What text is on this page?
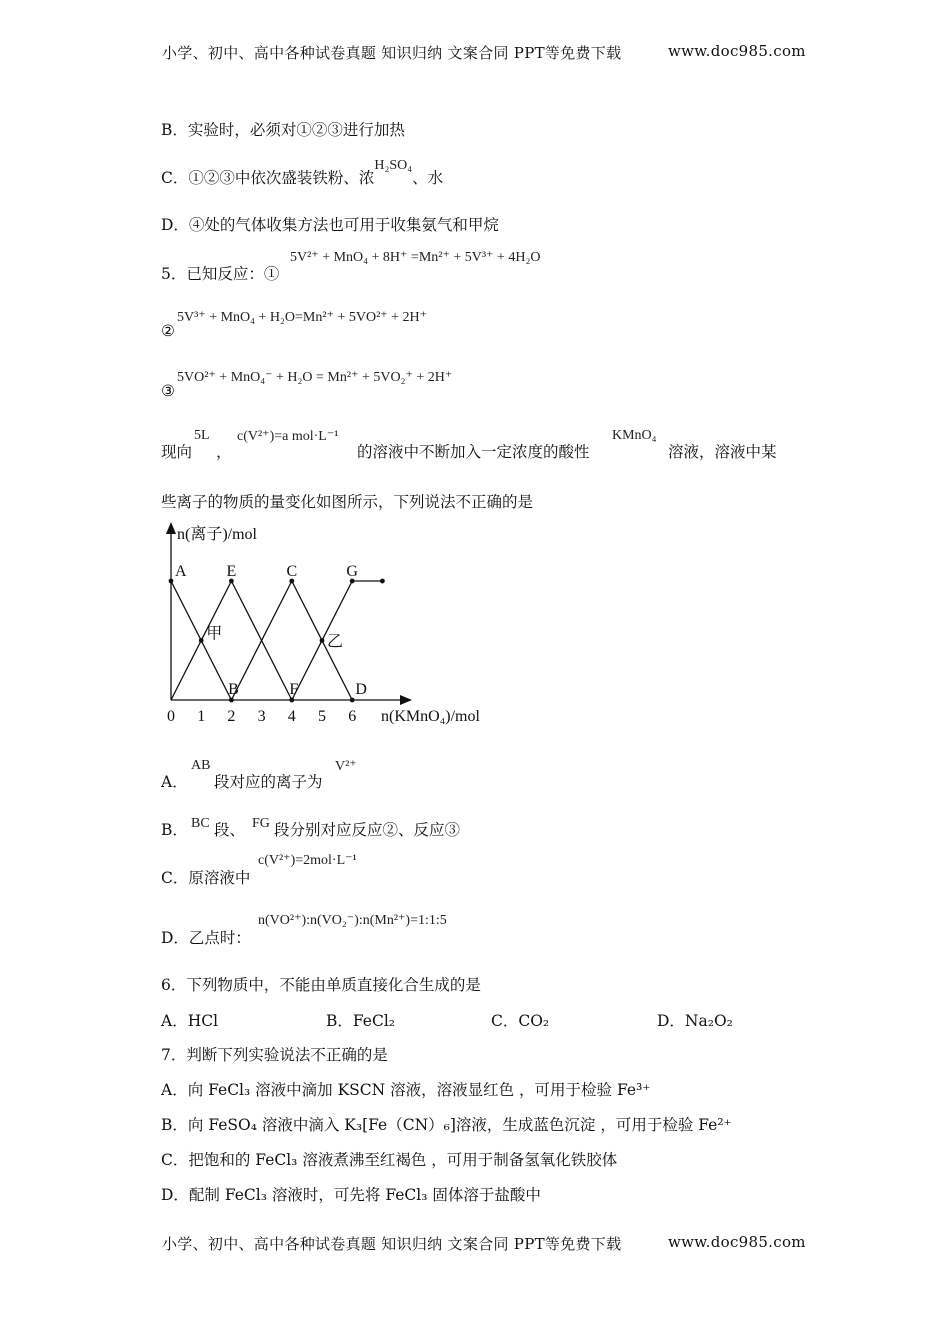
小学、初中、高中各种试卷真题 知识归纳 文案合同 PPT等免费下载	www.doc985.com
B．实验时，必须对①②③进行加热
C．①②③中依次盛装铁粉、浓H₂SO₄、水
D．④处的气体收集方法也可用于收集氨气和甲烷
5．已知反应：①
5V²⁺ + MnO₄ + 8H⁺ =Mn²⁺ + 5V³⁺ + 4H₂O
②
5V³⁺ + MnO₄ + H₂O=Mn²⁺ + 5VO²⁺ + 2H⁺
③
5VO²⁺ + MnO₄⁻ + H₂O = Mn²⁺ + 5VO₂⁺ + 2H⁺
现向
5L
，
c(V²⁺)=a mol·L⁻¹
的溶液中不断加入一定浓度的酸性
KMnO₄
溶液，溶液中某
些离子的物质的量变化如图所示，下列说法不正确的是
n(离子)/mol
n(KMnO₄)/mol
0 1 2 3 4 5 6
A
B
E
F
C
D
G
甲	乙
A．
AB
段对应的离子为
V²⁺
B． BC 段、 FG 段分别对应反应②、反应③
C．原溶液中
c(V²⁺)=2mol·L⁻¹
D．乙点时：
n(VO²⁺):n(VO₂⁻):n(Mn²⁺)=1:1:5
6．下列物质中，不能由单质直接化合生成的是
A．HCl	B．FeCl₂	C．CO₂	D．Na₂O₂
7．判断下列实验说法不正确的是
A．向 FeCl₃ 溶液中滴加 KSCN 溶液，溶液显红色 ，可用于检验 Fe³⁺
B．向 FeSO₄ 溶液中滴入 K₃[Fe（CN）₆]溶液，生成蓝色沉淀 ，可用于检验 Fe²⁺
C．把饱和的 FeCl₃ 溶液煮沸至红褐色 ，可用于制备氢氧化铁胶体
D．配制 FeCl₃ 溶液时，可先将 FeCl₃ 固体溶于盐酸中
小学、初中、高中各种试卷真题 知识归纳 文案合同 PPT等免费下载	www.doc985.com
